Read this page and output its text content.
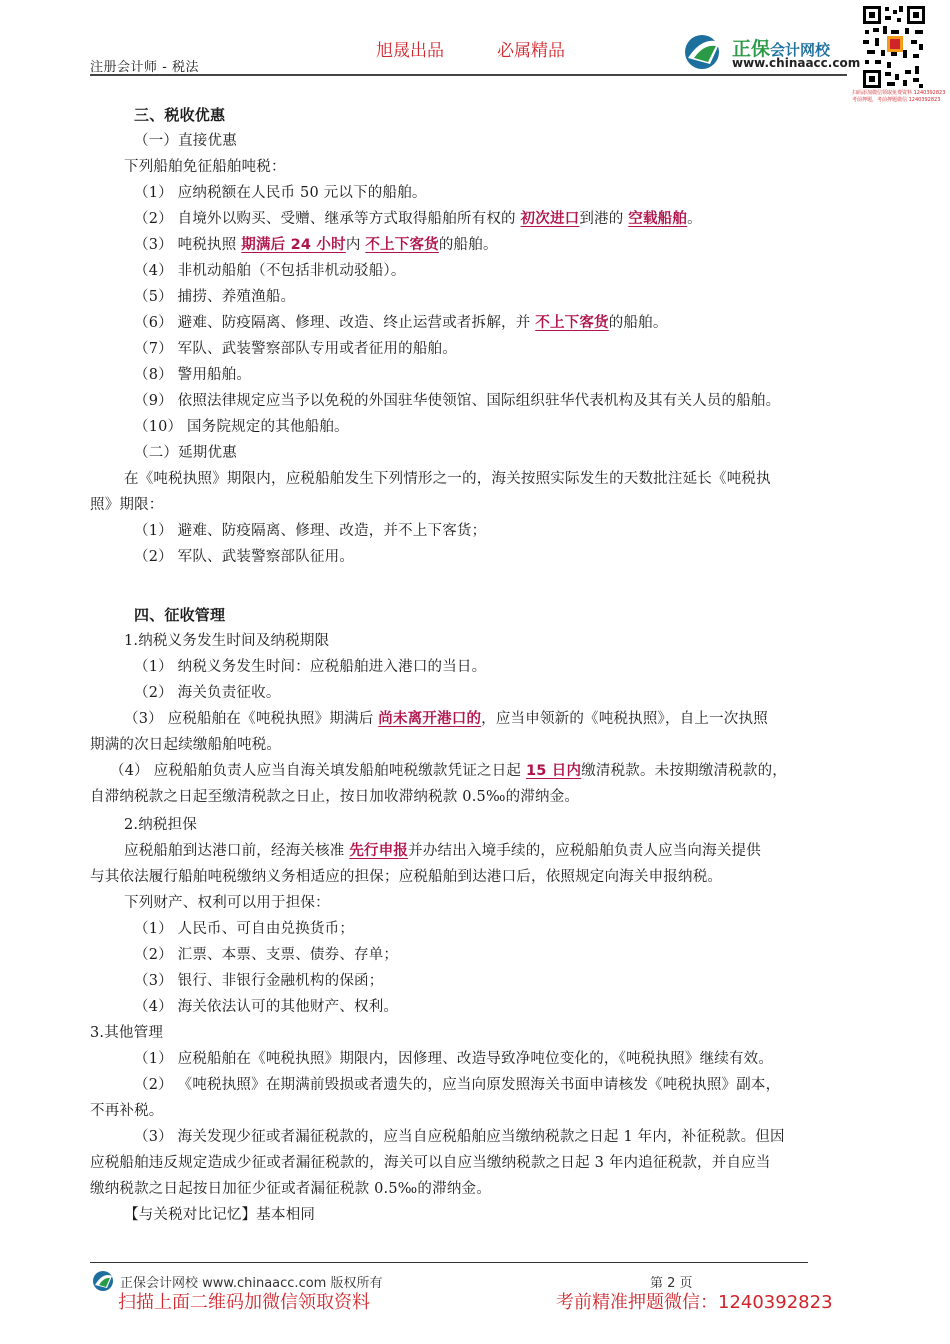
旭晟出品	必属精品
注册会计师 - 税法
正保会计网校
www.chinaacc.com
扫码添加微信领取免费资料 1240392823 考前押题，考前押题微信 1240392823
三、税收优惠
（一）直接优惠
下列船舶免征船舶吨税：
（1） 应纳税额在人民币 50 元以下的船舶。
（2） 自境外以购买、受赠、继承等方式取得船舶所有权的 初次进口到港的 空载船舶。
（3） 吨税执照 期满后 24 小时内 不上下客货的船舶。
（4） 非机动船舶（不包括非机动驳船）。
（5） 捕捞、养殖渔船。
（6） 避难、防疫隔离、修理、改造、终止运营或者拆解，并 不上下客货的船舶。
（7） 军队、武装警察部队专用或者征用的船舶。
（8） 警用船舶。
（9） 依照法律规定应当予以免税的外国驻华使领馆、国际组织驻华代表机构及其有关人员的船舶。
（10） 国务院规定的其他船舶。
（二）延期优惠
在《吨税执照》期限内，应税船舶发生下列情形之一的，海关按照实际发生的天数批注延长《吨税执
照》期限：
（1） 避难、防疫隔离、修理、改造，并不上下客货；
（2） 军队、武装警察部队征用。
四、征收管理
1.纳税义务发生时间及纳税期限
（1） 纳税义务发生时间：应税船舶进入港口的当日。
（2） 海关负责征收。
（3） 应税船舶在《吨税执照》期满后 尚未离开港口的，应当申领新的《吨税执照》，自上一次执照
期满的次日起续缴船舶吨税。
（4） 应税船舶负责人应当自海关填发船舶吨税缴款凭证之日起 15 日内缴清税款。未按期缴清税款的，
自滞纳税款之日起至缴清税款之日止，按日加收滞纳税款 0.5‰的滞纳金。
2.纳税担保
应税船舶到达港口前，经海关核准 先行申报并办结出入境手续的，应税船舶负责人应当向海关提供
与其依法履行船舶吨税缴纳义务相适应的担保；应税船舶到达港口后，依照规定向海关申报纳税。
下列财产、权利可以用于担保：
（1） 人民币、可自由兑换货币；
（2） 汇票、本票、支票、债券、存单；
（3） 银行、非银行金融机构的保函；
（4） 海关依法认可的其他财产、权利。
3.其他管理
（1） 应税船舶在《吨税执照》期限内，因修理、改造导致净吨位变化的，《吨税执照》继续有效。
（2） 《吨税执照》在期满前毁损或者遗失的，应当向原发照海关书面申请核发《吨税执照》副本，
不再补税。
（3） 海关发现少征或者漏征税款的，应当自应税船舶应当缴纳税款之日起 1 年内，补征税款。但因
应税船舶违反规定造成少征或者漏征税款的，海关可以自应当缴纳税款之日起 3 年内追征税款，并自应当
缴纳税款之日起按日加征少征或者漏征税款 0.5‰的滞纳金。
【与关税对比记忆】基本相同
正保会计网校 www.chinaacc.com 版权所有	第 2 页
扫描上面二维码加微信领取资料	考前精准押题微信：1240392823
